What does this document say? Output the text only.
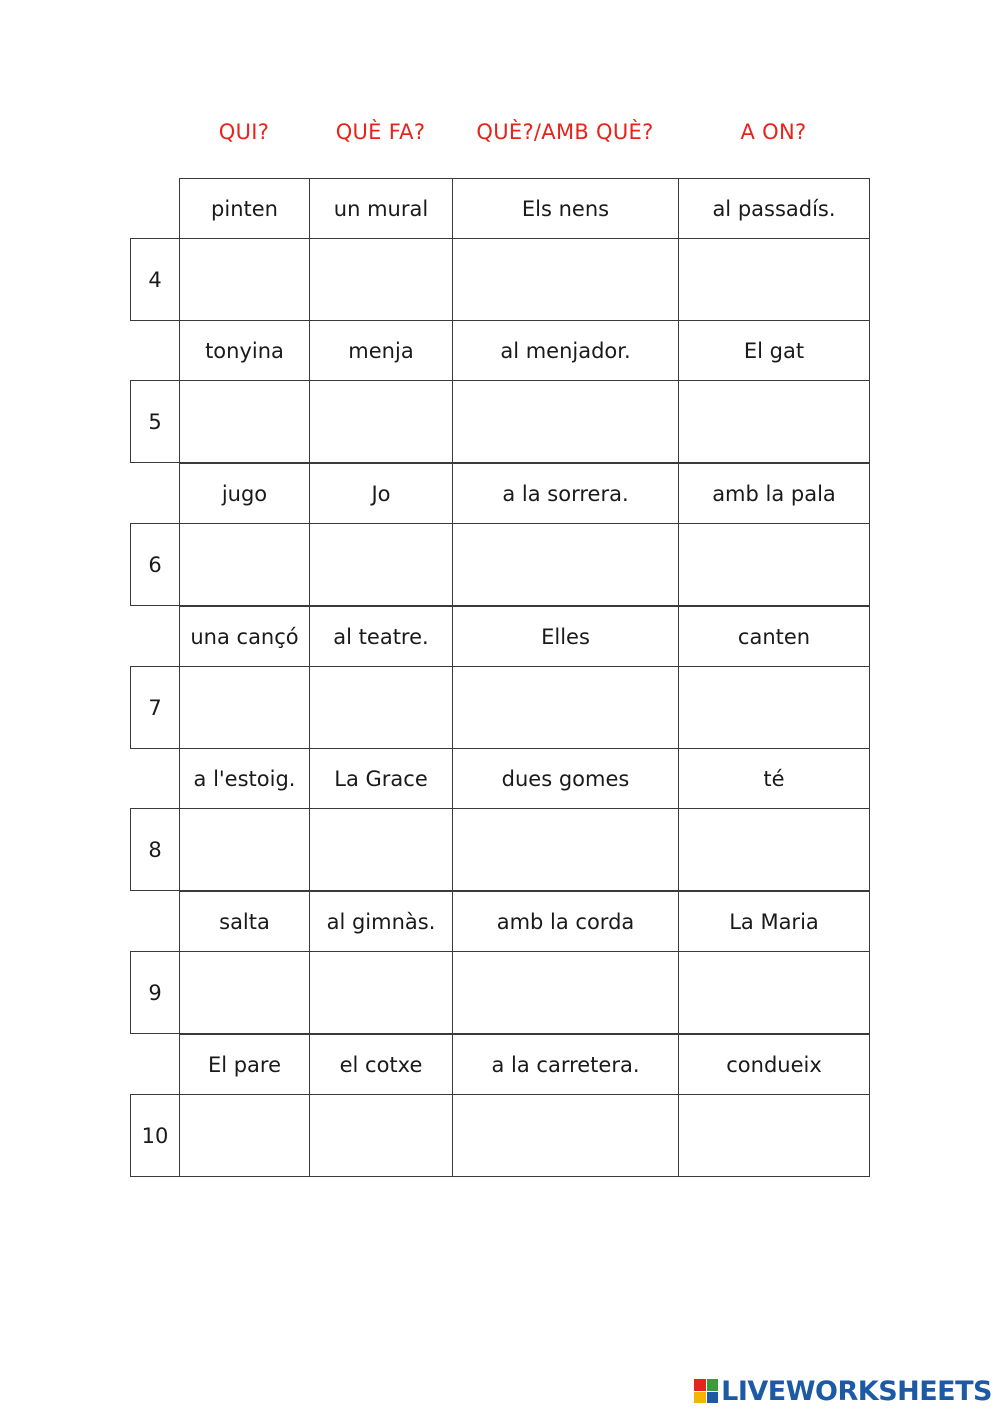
QUI?	QUÈ FA?	QUÈ?/AMB QUÈ?	A ON?
pinten	un mural	Els nens	al passadís.
4
tonyina	menja	al menjador.	El gat
5
jugo	Jo	a la sorrera.	amb la pala
6
una cançó	al teatre.	Elles	canten
7
a l'estoig.	La Grace	dues gomes	té
8
salta	al gimnàs.	amb la corda	La Maria
9
El pare	el cotxe	a la carretera.	condueix
10
LIVEWORKSHEETS
